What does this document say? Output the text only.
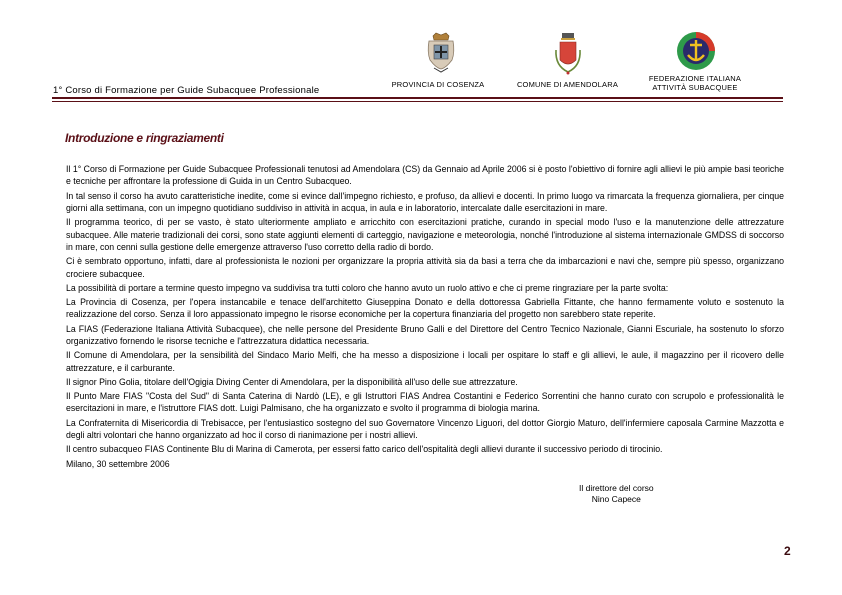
1° Corso di Formazione per Guide Subacquee Professionale
PROVINCIA DI COSENZA	COMUNE DI AMENDOLARA
FEDERAZIONE ITALIANA
ATTIVITÀ SUBACQUEE
Introduzione e ringraziamenti

Il 1° Corso di Formazione per Guide Subacquee Professionali tenutosi ad Amendolara (CS) da Gennaio ad Aprile 2006 si è posto l'obiettivo di fornire agli allievi le più ampie basi teoriche e tecniche per affrontare la professione di Guida in un Centro Subacqueo.

In tal senso il corso ha avuto caratteristiche inedite, come si evince dall'impegno richiesto, e profuso, da allievi e docenti. In primo luogo va rimarcata la frequenza giornaliera, per cinque giorni alla settimana, con un impegno quotidiano suddiviso in attività in acqua, in aula e in laboratorio, intercalate dalle esercitazioni in mare.

Il programma teorico, di per se vasto, è stato ulteriormente ampliato e arricchito con esercitazioni pratiche, curando in special modo l'uso e la manutenzione delle attrezzature subacquee. Alle materie tradizionali dei corsi, sono state aggiunti elementi di carteggio, navigazione e meteorologia, nonché l'introduzione al sistema internazionale GMDSS di soccorso in mare, con cenni sulla gestione delle emergenze attraverso l'uso corretto della radio di bordo.

Ci è sembrato opportuno, infatti, dare al professionista le nozioni per organizzare la propria attività sia da basi a terra che da imbarcazioni e navi che, sempre più spesso, organizzano crociere subacquee.

La possibilità di portare a termine questo impegno va suddivisa tra tutti coloro che hanno avuto un ruolo attivo e che ci preme ringraziare per la parte svolta:

La Provincia di Cosenza, per l'opera instancabile e tenace dell'architetto Giuseppina Donato e della dottoressa Gabriella Fittante, che hanno fermamente voluto e sostenuto la realizzazione del corso. Senza il loro appassionato impegno le risorse economiche per la copertura finanziaria del progetto non sarebbero state reperite.

La FIAS (Federazione Italiana Attività Subacquee), che nelle persone del Presidente Bruno Galli e del Direttore del Centro Tecnico Nazionale, Gianni Escuriale, ha sostenuto lo sforzo organizzativo fornendo le risorse tecniche e l'attrezzatura didattica necessaria.

Il Comune di Amendolara, per la sensibilità del Sindaco Mario Melfi, che ha messo a disposizione i locali per ospitare lo staff e gli allievi, le aule, il magazzino per il ricovero delle attrezzature, e il carburante.

Il signor Pino Golia, titolare dell'Ogigia Diving Center di Amendolara, per la disponibilità all'uso delle sue attrezzature.

Il Punto Mare FIAS "Costa del Sud" di Santa Caterina di Nardò (LE), e gli Istruttori FIAS Andrea Costantini e Federico Sorrentini che hanno curato con scrupolo e professionalità le esercitazioni in mare, e l'istruttore FIAS dott. Luigi Palmisano, che ha organizzato e svolto il programma di biologia marina.

La Confraternita di Misericordia di Trebisacce, per l'entusiastico sostegno del suo Governatore Vincenzo Liguori, del dottor Giorgio Maturo, dell'infermiere caposala Carmine Mazzotta e degli altri volontari che hanno organizzato ad hoc il corso di rianimazione per i nostri allievi.

Il centro subacqueo FIAS Continente Blu di Marina di Camerota, per essersi fatto carico dell'ospitalità degli allievi durante il successivo periodo di tirocinio.

Milano, 30 settembre 2006

Il direttore del corso
Nino Capece
2
